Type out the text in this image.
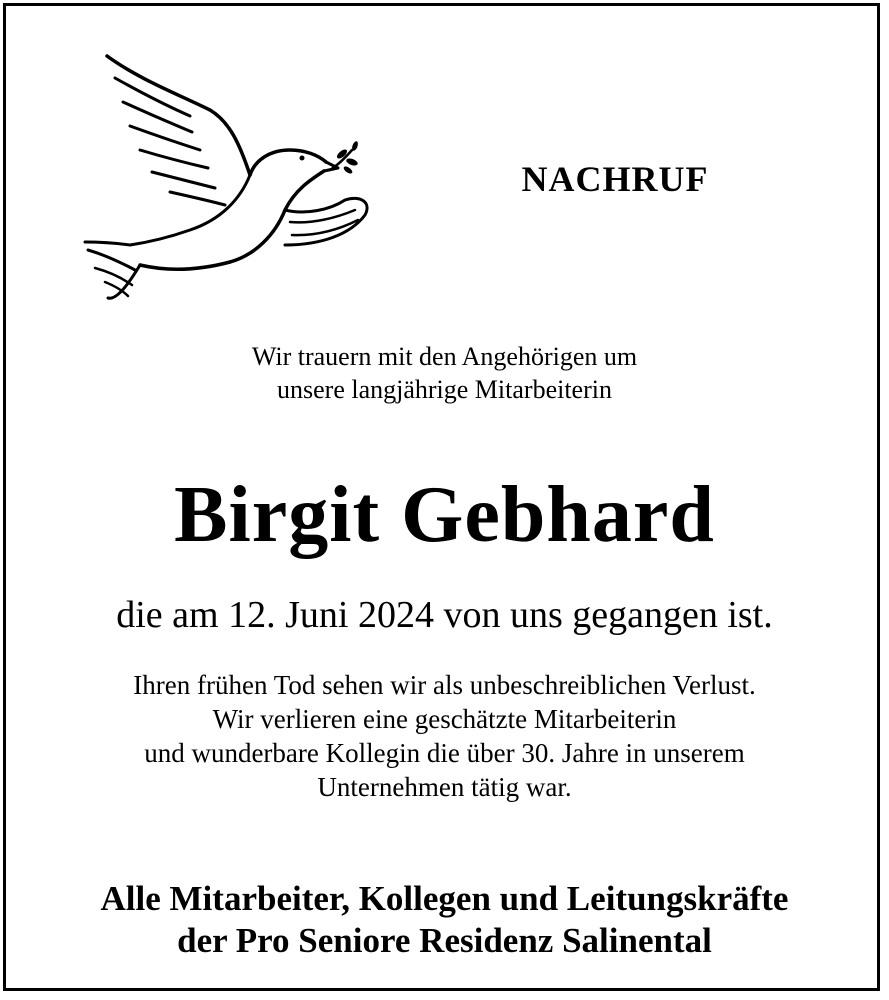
NACHRUF
Wir trauern mit den Angehörigen um
unsere langjährige Mitarbeiterin
Birgit Gebhard
die am 12. Juni 2024 von uns gegangen ist.
Ihren frühen Tod sehen wir als unbeschreiblichen Verlust.
Wir verlieren eine geschätzte Mitarbeiterin
und wunderbare Kollegin die über 30. Jahre in unserem
Unternehmen tätig war.
Alle Mitarbeiter, Kollegen und Leitungskräfte
der Pro Seniore Residenz Salinental
